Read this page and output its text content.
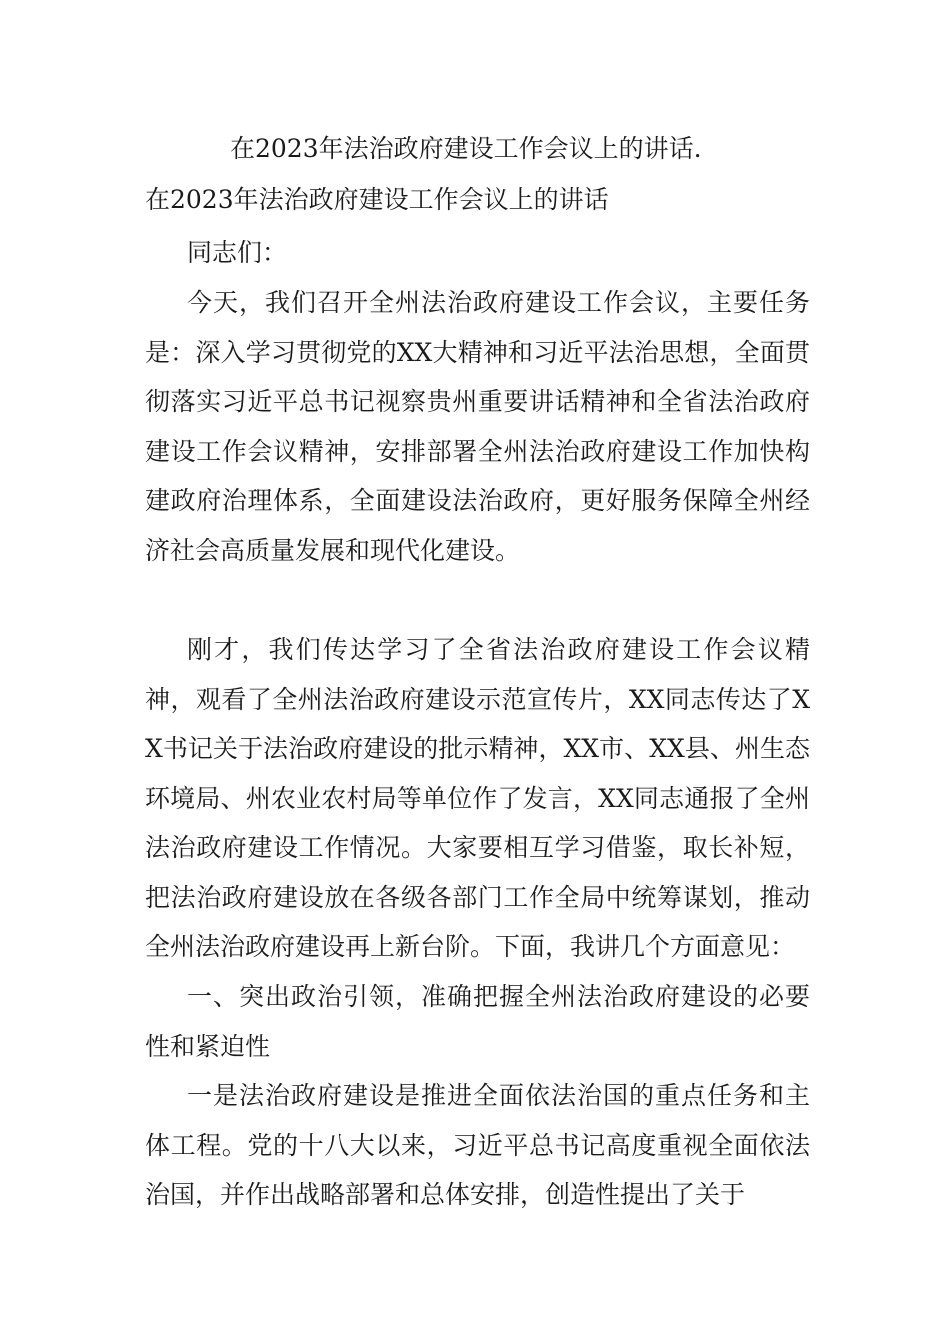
在2023年法治政府建设工作会议上的讲话.
在2023年法治政府建设工作会议上的讲话

同志们：

今天，我们召开全州法治政府建设工作会议，主要任务是：深入学习贯彻党的XX大精神和习近平法治思想，全面贯彻落实习近平总书记视察贵州重要讲话精神和全省法治政府建设工作会议精神，安排部署全州法治政府建设工作加快构建政府治理体系，全面建设法治政府，更好服务保障全州经济社会高质量发展和现代化建设。

刚才，我们传达学习了全省法治政府建设工作会议精神，观看了全州法治政府建设示范宣传片，XX同志传达了XX书记关于法治政府建设的批示精神，XX市、XX县、州生态环境局、州农业农村局等单位作了发言，XX同志通报了全州法治政府建设工作情况。大家要相互学习借鉴，取长补短，把法治政府建设放在各级各部门工作全局中统筹谋划，推动全州法治政府建设再上新台阶。下面，我讲几个方面意见：

一、突出政治引领，准确把握全州法治政府建设的必要性和紧迫性

一是法治政府建设是推进全面依法治国的重点任务和主体工程。党的十八大以来，习近平总书记高度重视全面依法治国，并作出战略部署和总体安排，创造性提出了关于
